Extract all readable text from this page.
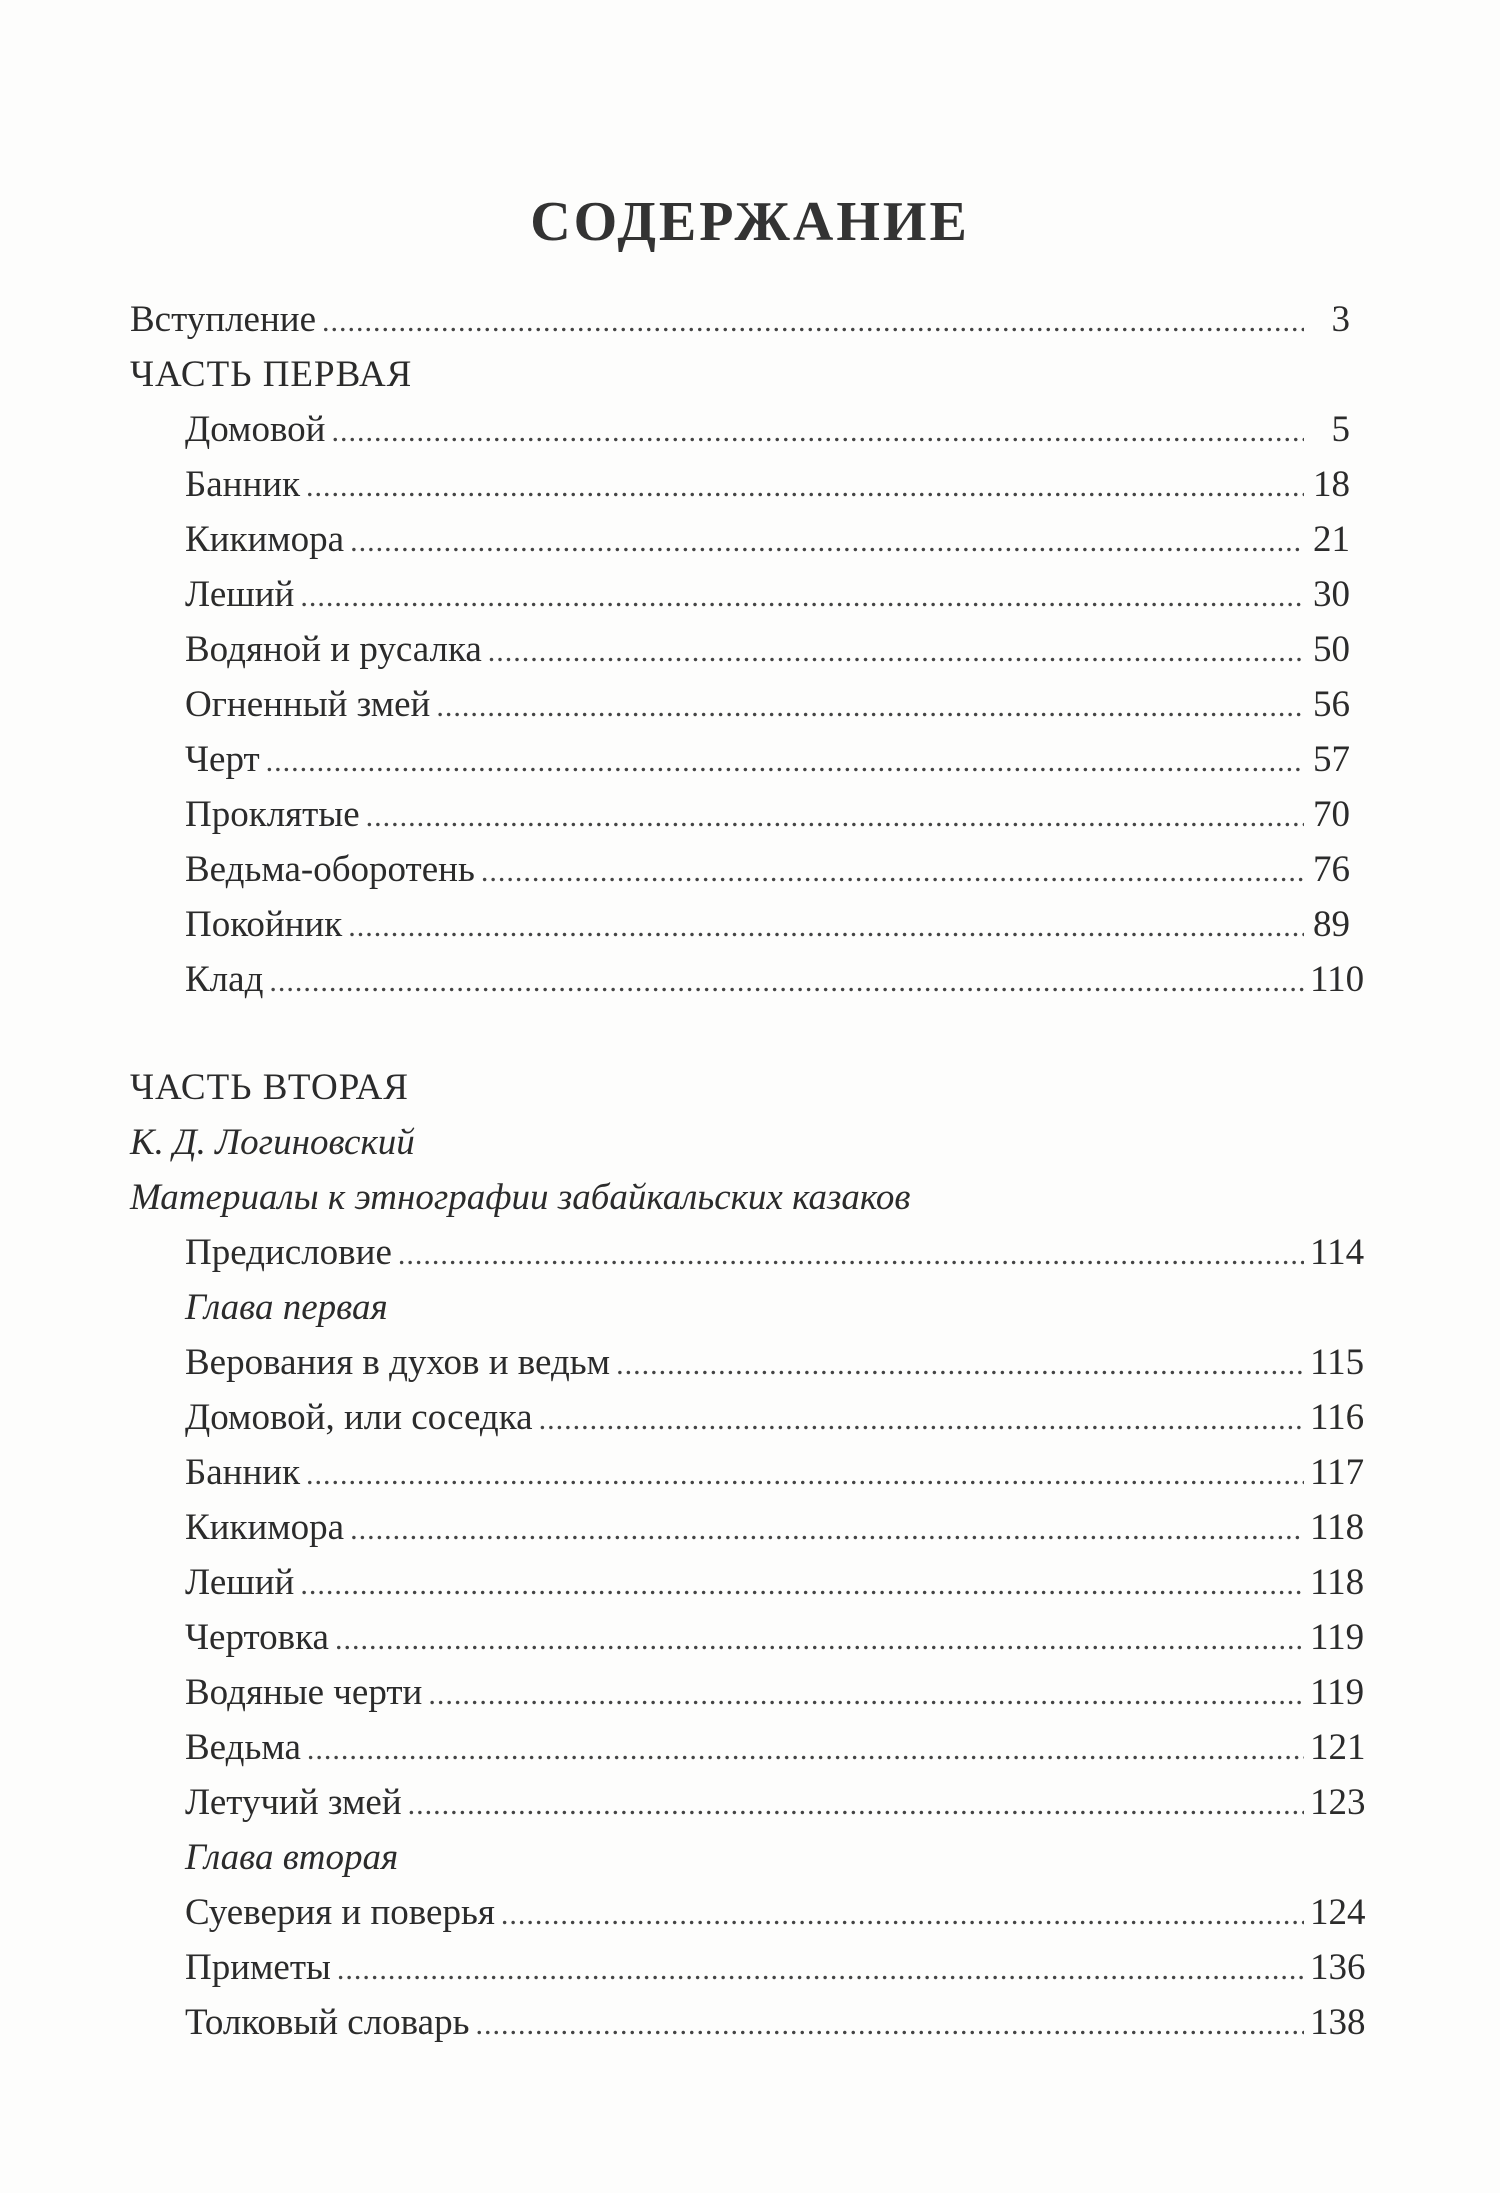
СОДЕРЖАНИЕ
Вступление .....	3
ЧАСТЬ ПЕРВАЯ
Домовой .....	5
Банник .....	18
Кикимора .....	21
Леший .....	30
Водяной и русалка .....	50
Огненный змей .....	56
Черт .....	57
Проклятые .....	70
Ведьма-оборотень .....	76
Покойник .....	89
Клад .....	110
ЧАСТЬ ВТОРАЯ
К. Д. Логиновский
Материалы к этнографии забайкальских казаков
Предисловие .....	114
Глава первая
Верования в духов и ведьм .....	115
Домовой, или соседка .....	116
Банник .....	117
Кикимора .....	118
Леший .....	118
Чертовка .....	119
Водяные черти .....	119
Ведьма .....	121
Летучий змей .....	123
Глава вторая
Суеверия и поверья .....	124
Приметы .....	136
Толковый словарь .....	138
